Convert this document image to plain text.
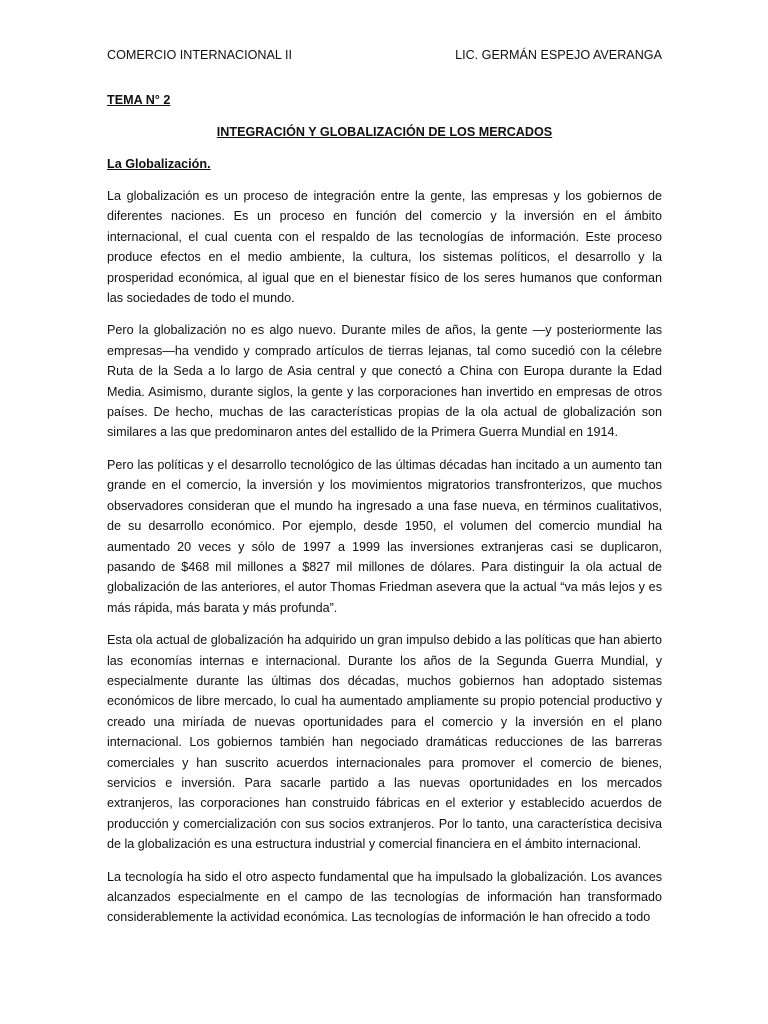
COMERCIO INTERNACIONAL II	LIC. GERMÁN ESPEJO AVERANGA
TEMA N° 2
INTEGRACIÓN Y GLOBALIZACIÓN DE LOS MERCADOS
La Globalización.

La globalización es un proceso de integración entre la gente, las empresas y los gobiernos de diferentes naciones. Es un proceso en función del comercio y la inversión en el ámbito internacional, el cual cuenta con el respaldo de las tecnologías de información. Este proceso produce efectos en el medio ambiente, la cultura, los sistemas políticos, el desarrollo y la prosperidad económica, al igual que en el bienestar físico de los seres humanos que conforman las sociedades de todo el mundo.

Pero la globalización no es algo nuevo. Durante miles de años, la gente —y posteriormente las empresas—ha vendido y comprado artículos de tierras lejanas, tal como sucedió con la célebre Ruta de la Seda a lo largo de Asia central y que conectó a China con Europa durante la Edad Media. Asimismo, durante siglos, la gente y las corporaciones han invertido en empresas de otros países. De hecho, muchas de las características propias de la ola actual de globalización son similares a las que predominaron antes del estallido de la Primera Guerra Mundial en 1914.

Pero las políticas y el desarrollo tecnológico de las últimas décadas han incitado a un aumento tan grande en el comercio, la inversión y los movimientos migratorios transfronterizos, que muchos observadores consideran que el mundo ha ingresado a una fase nueva, en términos cualitativos, de su desarrollo económico. Por ejemplo, desde 1950, el volumen del comercio mundial ha aumentado 20 veces y sólo de 1997 a 1999 las inversiones extranjeras casi se duplicaron, pasando de $468 mil millones a $827 mil millones de dólares. Para distinguir la ola actual de globalización de las anteriores, el autor Thomas Friedman asevera que la actual “va más lejos y es más rápida, más barata y más profunda”.

Esta ola actual de globalización ha adquirido un gran impulso debido a las políticas que han abierto las economías internas e internacional. Durante los años de la Segunda Guerra Mundial, y especialmente durante las últimas dos décadas, muchos gobiernos han adoptado sistemas económicos de libre mercado, lo cual ha aumentado ampliamente su propio potencial productivo y creado una miríada de nuevas oportunidades para el comercio y la inversión en el plano internacional. Los gobiernos también han negociado dramáticas reducciones de las barreras comerciales y han suscrito acuerdos internacionales para promover el comercio de bienes, servicios e inversión. Para sacarle partido a las nuevas oportunidades en los mercados extranjeros, las corporaciones han construido fábricas en el exterior y establecido acuerdos de producción y comercialización con sus socios extranjeros. Por lo tanto, una característica decisiva de la globalización es una estructura industrial y comercial financiera en el ámbito internacional.

La tecnología ha sido el otro aspecto fundamental que ha impulsado la globalización. Los avances alcanzados especialmente en el campo de las tecnologías de información han transformado considerablemente la actividad económica. Las tecnologías de información le han ofrecido a todo
